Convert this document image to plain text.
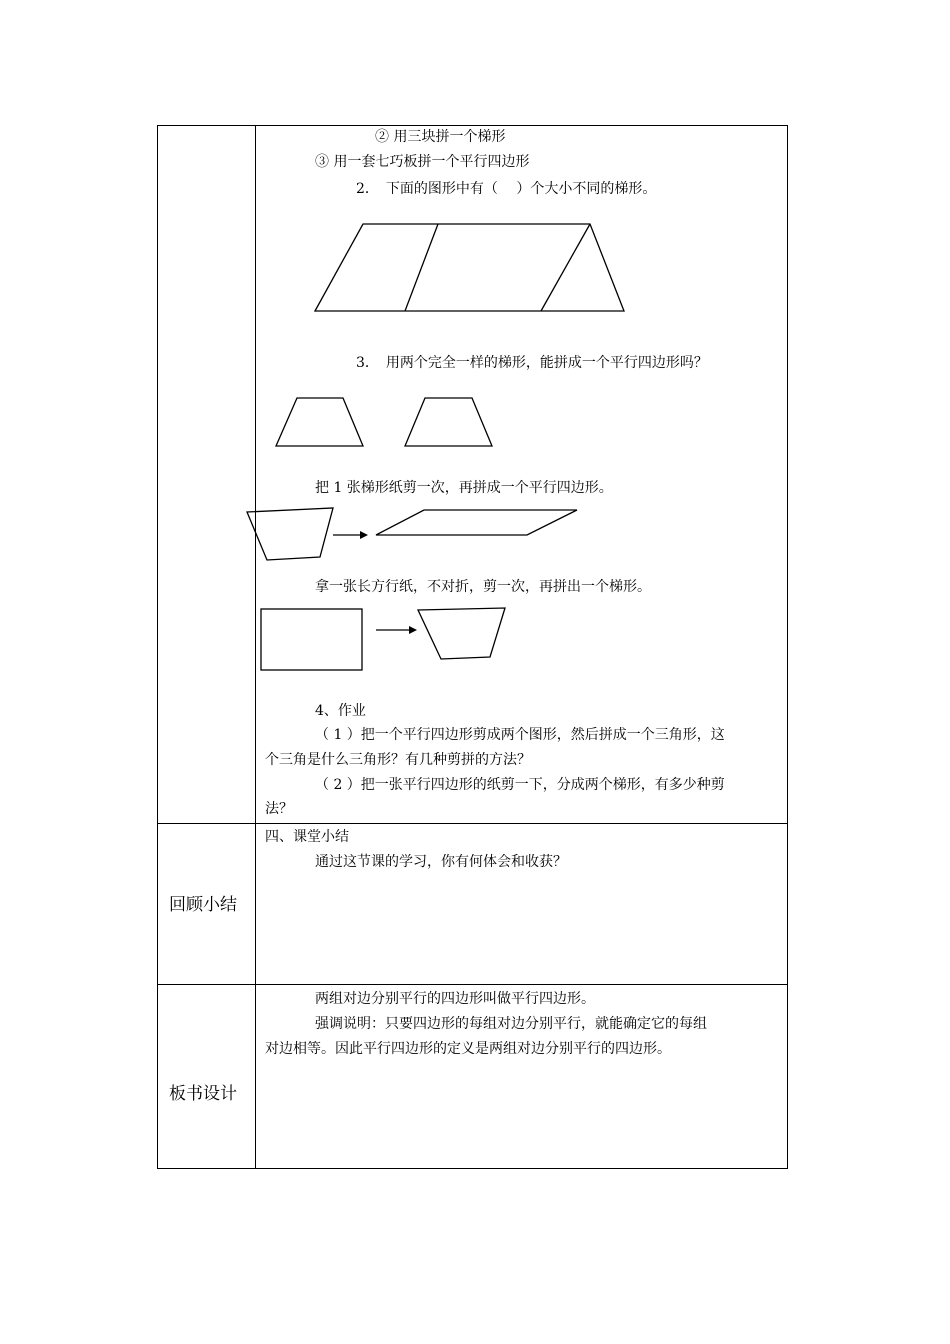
② 用三块拼一个梯形
③ 用一套七巧板拼一个平行四边形
2．　下面的图形中有（　 ）个大小不同的梯形。
3．　用两个完全一样的梯形，能拼成一个平行四边形吗？
把 1 张梯形纸剪一次，再拼成一个平行四边形。
拿一张长方行纸，不对折，剪一次，再拼出一个梯形。
4、作业
（ 1 ）把一个平行四边形剪成两个图形，然后拼成一个三角形，这
个三角是什么三角形？有几种剪拼的方法？
（ 2 ）把一张平行四边形的纸剪一下，分成两个梯形，有多少种剪
法？
回顾小结
四、课堂小结
通过这节课的学习，你有何体会和收获？
板书设计
两组对边分别平行的四边形叫做平行四边形。
强调说明：只要四边形的每组对边分别平行，就能确定它的每组
对边相等。因此平行四边形的定义是两组对边分别平行的四边形。
